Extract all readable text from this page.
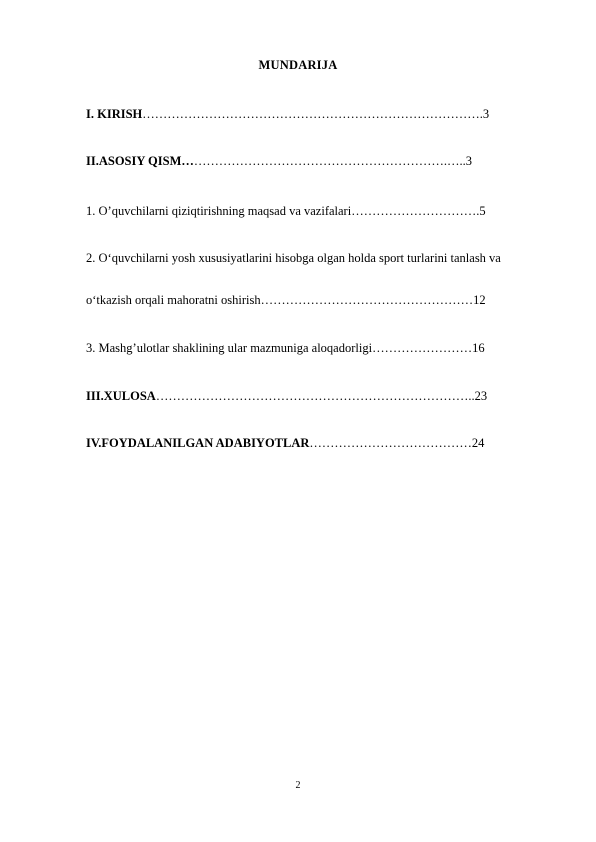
MUNDARIJA
I. KIRISH……………………………………………………………………….3
II.ASOSIY QISM……………………………………………………….…..3
1. O’quvchilarni qiziqtirishning maqsad va vazifalari………………………….5
2. O‘quvchilarni yosh xususiyatlarini hisobga olgan holda sport turlarini tanlash va
o‘tkazish orqali mahoratni oshirish……………………………………………12
3. Mashg’ulotlar shaklining ular mazmuniga aloqadorligi……………………16
III.XULOSA…………………………………………………………………..23
IV.FOYDALANILGAN ADABIYOTLAR…………………………………24
2
